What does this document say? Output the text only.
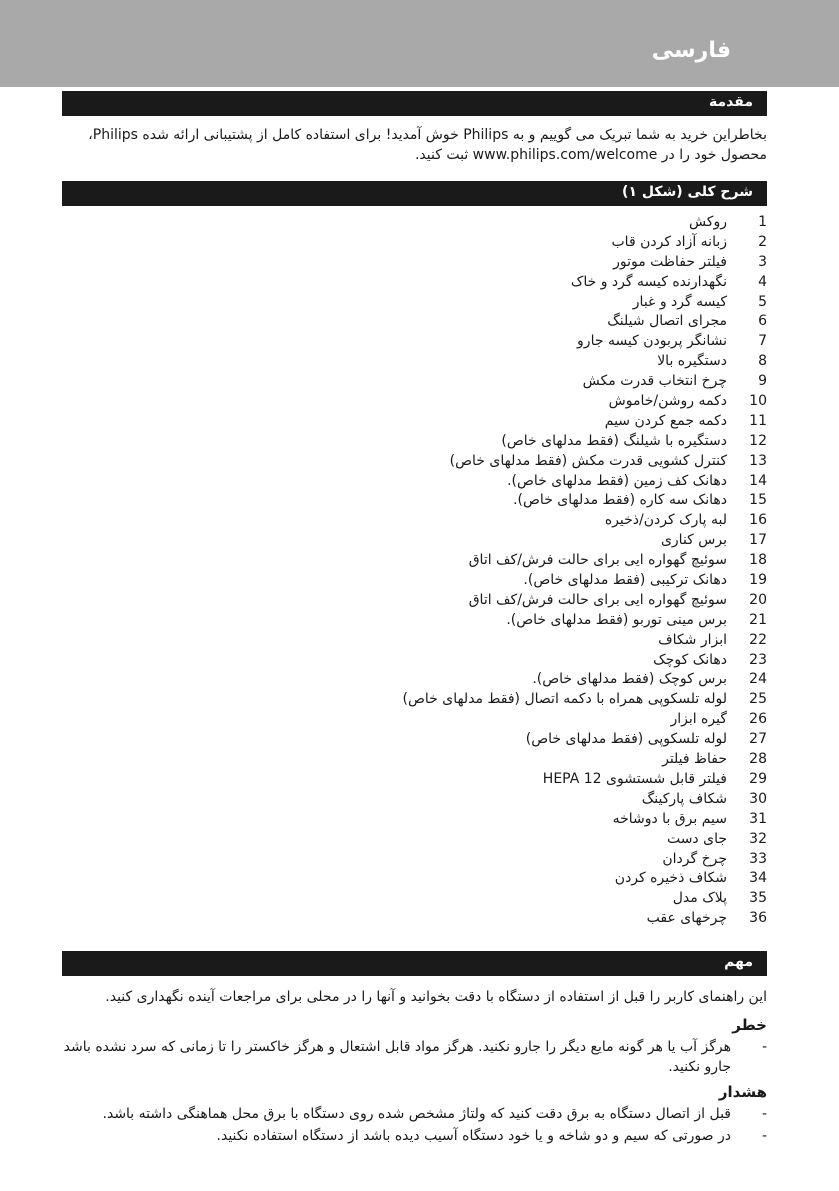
فارسی
مقدمة
بخاطراین خرید به شما تبریک می گوییم و به Philips خوش آمدید! برای استفاده کامل از پشتیبانی ارائه شده Philips، محصول خود را در www.philips.com/welcome ثبت کنید.
شرح کلی (شکل ۱)
1
روکش
2
زبانه آزاد کردن قاب
3
فیلتر حفاظت موتور
4
نگهدارنده کیسه گرد و خاک
5
کیسه گرد و غبار
6
مجرای اتصال شیلنگ
7
نشانگر پربودن کیسه جارو
8
دستگیره بالا
9
چرخ انتخاب قدرت مکش
10
دکمه روشن/خاموش
11
دکمه جمع کردن سیم
12
دستگیره با شیلنگ (فقط مدلهای خاص)
13
کنترل کشویی قدرت مکش (فقط مدلهای خاص)
14
دهانک کف زمین (فقط مدلهای خاص).
15
دهانک سه کاره (فقط مدلهای خاص).
16
لبه پارک کردن/ذخیره
17
برس کناری
18
سوئیچ گهواره ایی برای حالت فرش/کف اتاق
19
دهانک ترکیبی (فقط مدلهای خاص).
20
سوئیچ گهواره ایی برای حالت فرش/کف اتاق
21
برس مینی توربو (فقط مدلهای خاص).
22
ابزار شکاف
23
دهانک کوچک
24
برس کوچک (فقط مدلهای خاص).
25
لوله تلسکوپی همراه با دکمه اتصال (فقط مدلهای خاص)
26
گیره ابزار
27
لوله تلسکوپی (فقط مدلهای خاص)
28
حفاظ فیلتر
29
فیلتر قابل شستشوی HEPA 12
30
شکاف پارکینگ
31
سیم برق با دوشاخه
32
جای دست
33
چرخ گردان
34
شکاف ذخیره کردن
35
پلاک مدل
36
چرخهای عقب
مهم
این راهنمای کاربر را قبل از استفاده از دستگاه با دقت بخوانید و آنها را در محلی برای مراجعات آینده نگهداری کنید.
خطر
-
هرگز آب یا هر گونه مایع دیگر را جارو نکنید. هرگز مواد قابل اشتعال و هرگز خاکستر را تا زمانی که سرد نشده باشد جارو نکنید.
هشدار
-
قبل از اتصال دستگاه به برق دقت کنید که ولتاژ مشخص شده روی دستگاه با برق محل هماهنگی داشته باشد.
-
در صورتی که سیم و دو شاخه و یا خود دستگاه آسیب دیده باشد از دستگاه استفاده نکنید.
